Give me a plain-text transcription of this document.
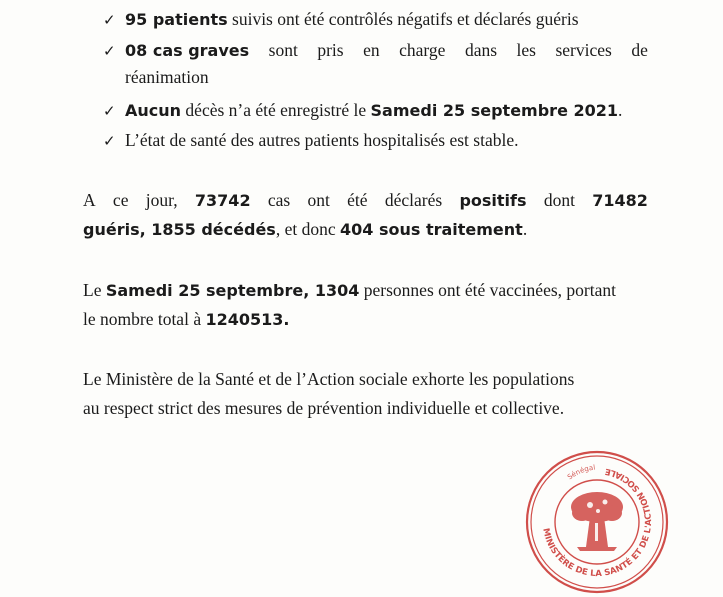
✓ 95 patients suivis ont été contrôlés négatifs et déclarés guéris
✓ 08 cas graves sont pris en charge dans les services de
réanimation
✓ Aucun décès n’a été enregistré le Samedi 25 septembre 2021.
✓ L’état de santé des autres patients hospitalisés est stable.
A ce jour, 73742 cas ont été déclarés positifs dont 71482
guéris, 1855 décédés, et donc 404 sous traitement.
Le Samedi 25 septembre, 1304 personnes ont été vaccinées, portant
le nombre total à 1240513.
Le Ministère de la Santé et de l’Action sociale exhorte les populations
au respect strict des mesures de prévention individuelle et collective.
MINISTÈRE DE LA SANTÉ ET DE L'ACTION SOCIALE
Sénégal
